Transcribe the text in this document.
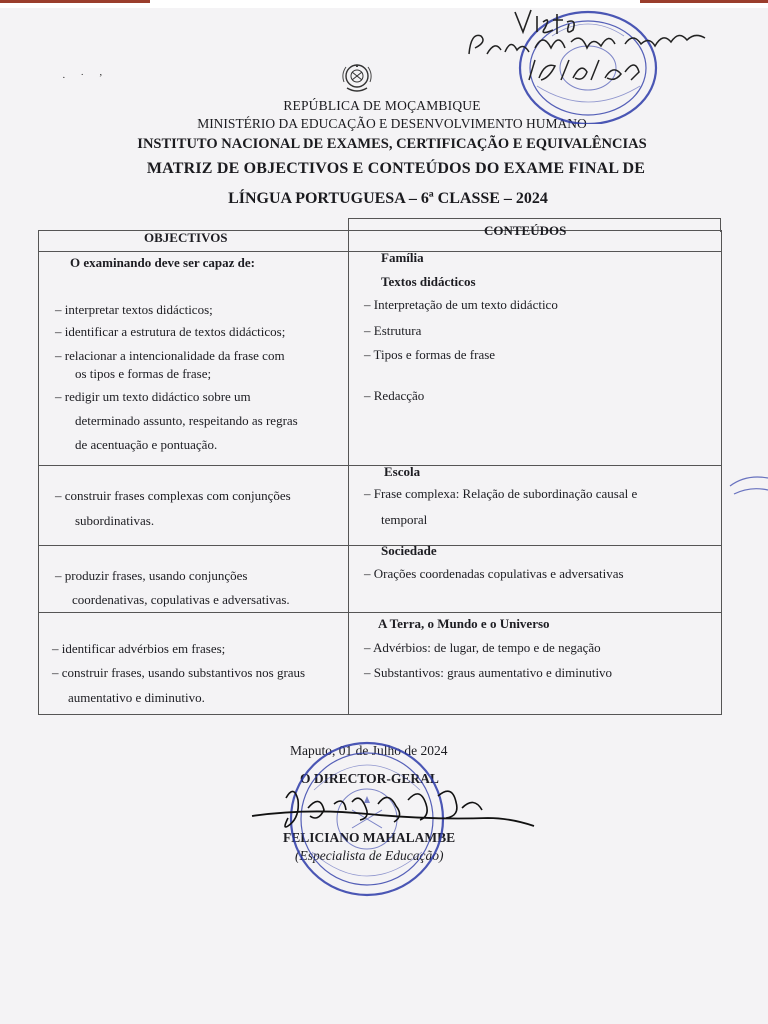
· ˙ ʼ
REPÚBLICA DE MOÇAMBIQUE
MINISTÉRIO DA EDUCAÇÃO E DESENVOLVIMENTO HUMANO
INSTITUTO NACIONAL DE EXAMES, CERTIFICAÇÃO E EQUIVALÊNCIAS
MATRIZ DE OBJECTIVOS E CONTEÚDOS DO EXAME FINAL DE
LÍNGUA PORTUGUESA – 6ª CLASSE – 2024
OBJECTIVOS	CONTEÚDOS
O examinando deve ser capaz de:	Família
Textos didácticos
– interpretar textos didácticos;
– identificar a estrutura de textos didácticos;
– relacionar a intencionalidade da frase com
os tipos e formas de frase;
– redigir um texto didáctico sobre um
determinado assunto, respeitando as regras
de acentuação e pontuação.
– Interpretação de um texto didáctico
– Estrutura
– Tipos e formas de frase
– Redacção
Escola
– construir frases complexas com conjunções
subordinativas.
– Frase complexa: Relação de subordinação causal e
temporal
Sociedade
– produzir frases, usando conjunções
coordenativas, copulativas e adversativas.
– Orações coordenadas copulativas e adversativas
A Terra, o Mundo e o Universo
– identificar advérbios em frases;
– construir frases, usando substantivos nos graus
aumentativo e diminutivo.
– Advérbios: de lugar, de tempo e de negação
– Substantivos: graus aumentativo e diminutivo
Maputo, 01 de Julho de 2024
O DIRECTOR-GERAL
FELICIANO MAHALAMBE
(Especialista de Educação)
